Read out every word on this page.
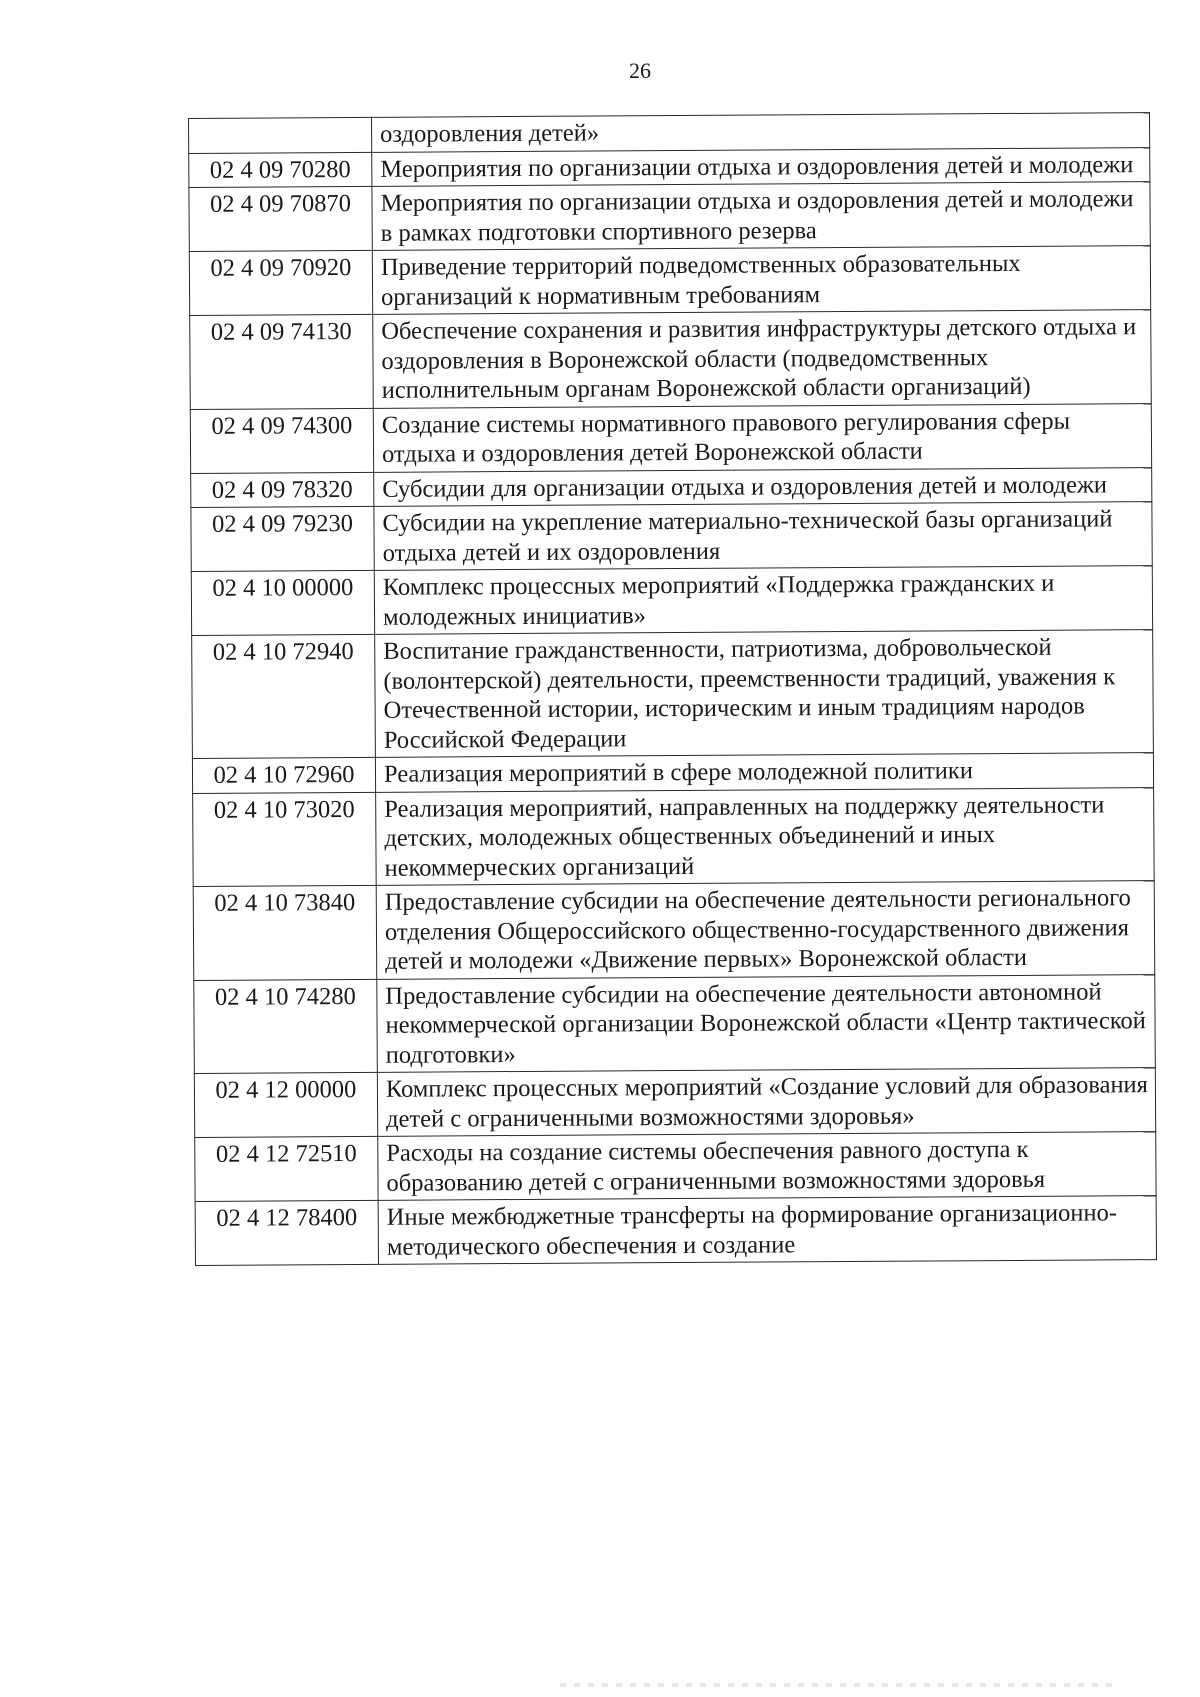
26
	оздоровления детей»
02 4 09 70280	Мероприятия по организации отдыха и оздоровления детей и молодежи
02 4 09 70870	Мероприятия по организации отдыха и оздоровления детей и молодежи в рамках подготовки спортивного резерва
02 4 09 70920	Приведение территорий подведомственных образовательных организаций к нормативным требованиям
02 4 09 74130	Обеспечение сохранения и развития инфраструктуры детского отдыха и оздоровления в Воронежской области (подведомственных исполнительным органам Воронежской области организаций)
02 4 09 74300	Создание системы нормативного правового регулирования сферы отдыха и оздоровления детей Воронежской области
02 4 09 78320	Субсидии для организации отдыха и оздоровления детей и молодежи
02 4 09 79230	Субсидии на укрепление материально-технической базы организаций отдыха детей и их оздоровления
02 4 10 00000	Комплекс процессных мероприятий «Поддержка гражданских и молодежных инициатив»
02 4 10 72940	Воспитание гражданственности, патриотизма, добровольческой (волонтерской) деятельности, преемственности традиций, уважения к Отечественной истории, историческим и иным традициям народов Российской Федерации
02 4 10 72960	Реализация мероприятий в сфере молодежной политики
02 4 10 73020	Реализация мероприятий, направленных на поддержку деятельности детских, молодежных общественных объединений и иных некоммерческих организаций
02 4 10 73840	Предоставление субсидии на обеспечение деятельности регионального отделения Общероссийского общественно-государственного движения детей и молодежи «Движение первых» Воронежской области
02 4 10 74280	Предоставление субсидии на обеспечение деятельности автономной некоммерческой организации Воронежской области «Центр тактической подготовки»
02 4 12 00000	Комплекс процессных мероприятий «Создание условий для образования детей с ограниченными возможностями здоровья»
02 4 12 72510	Расходы на создание системы обеспечения равного доступа к образованию детей с ограниченными возможностями здоровья
02 4 12 78400	Иные межбюджетные трансферты на формирование организационно-методического обеспечения и создание
